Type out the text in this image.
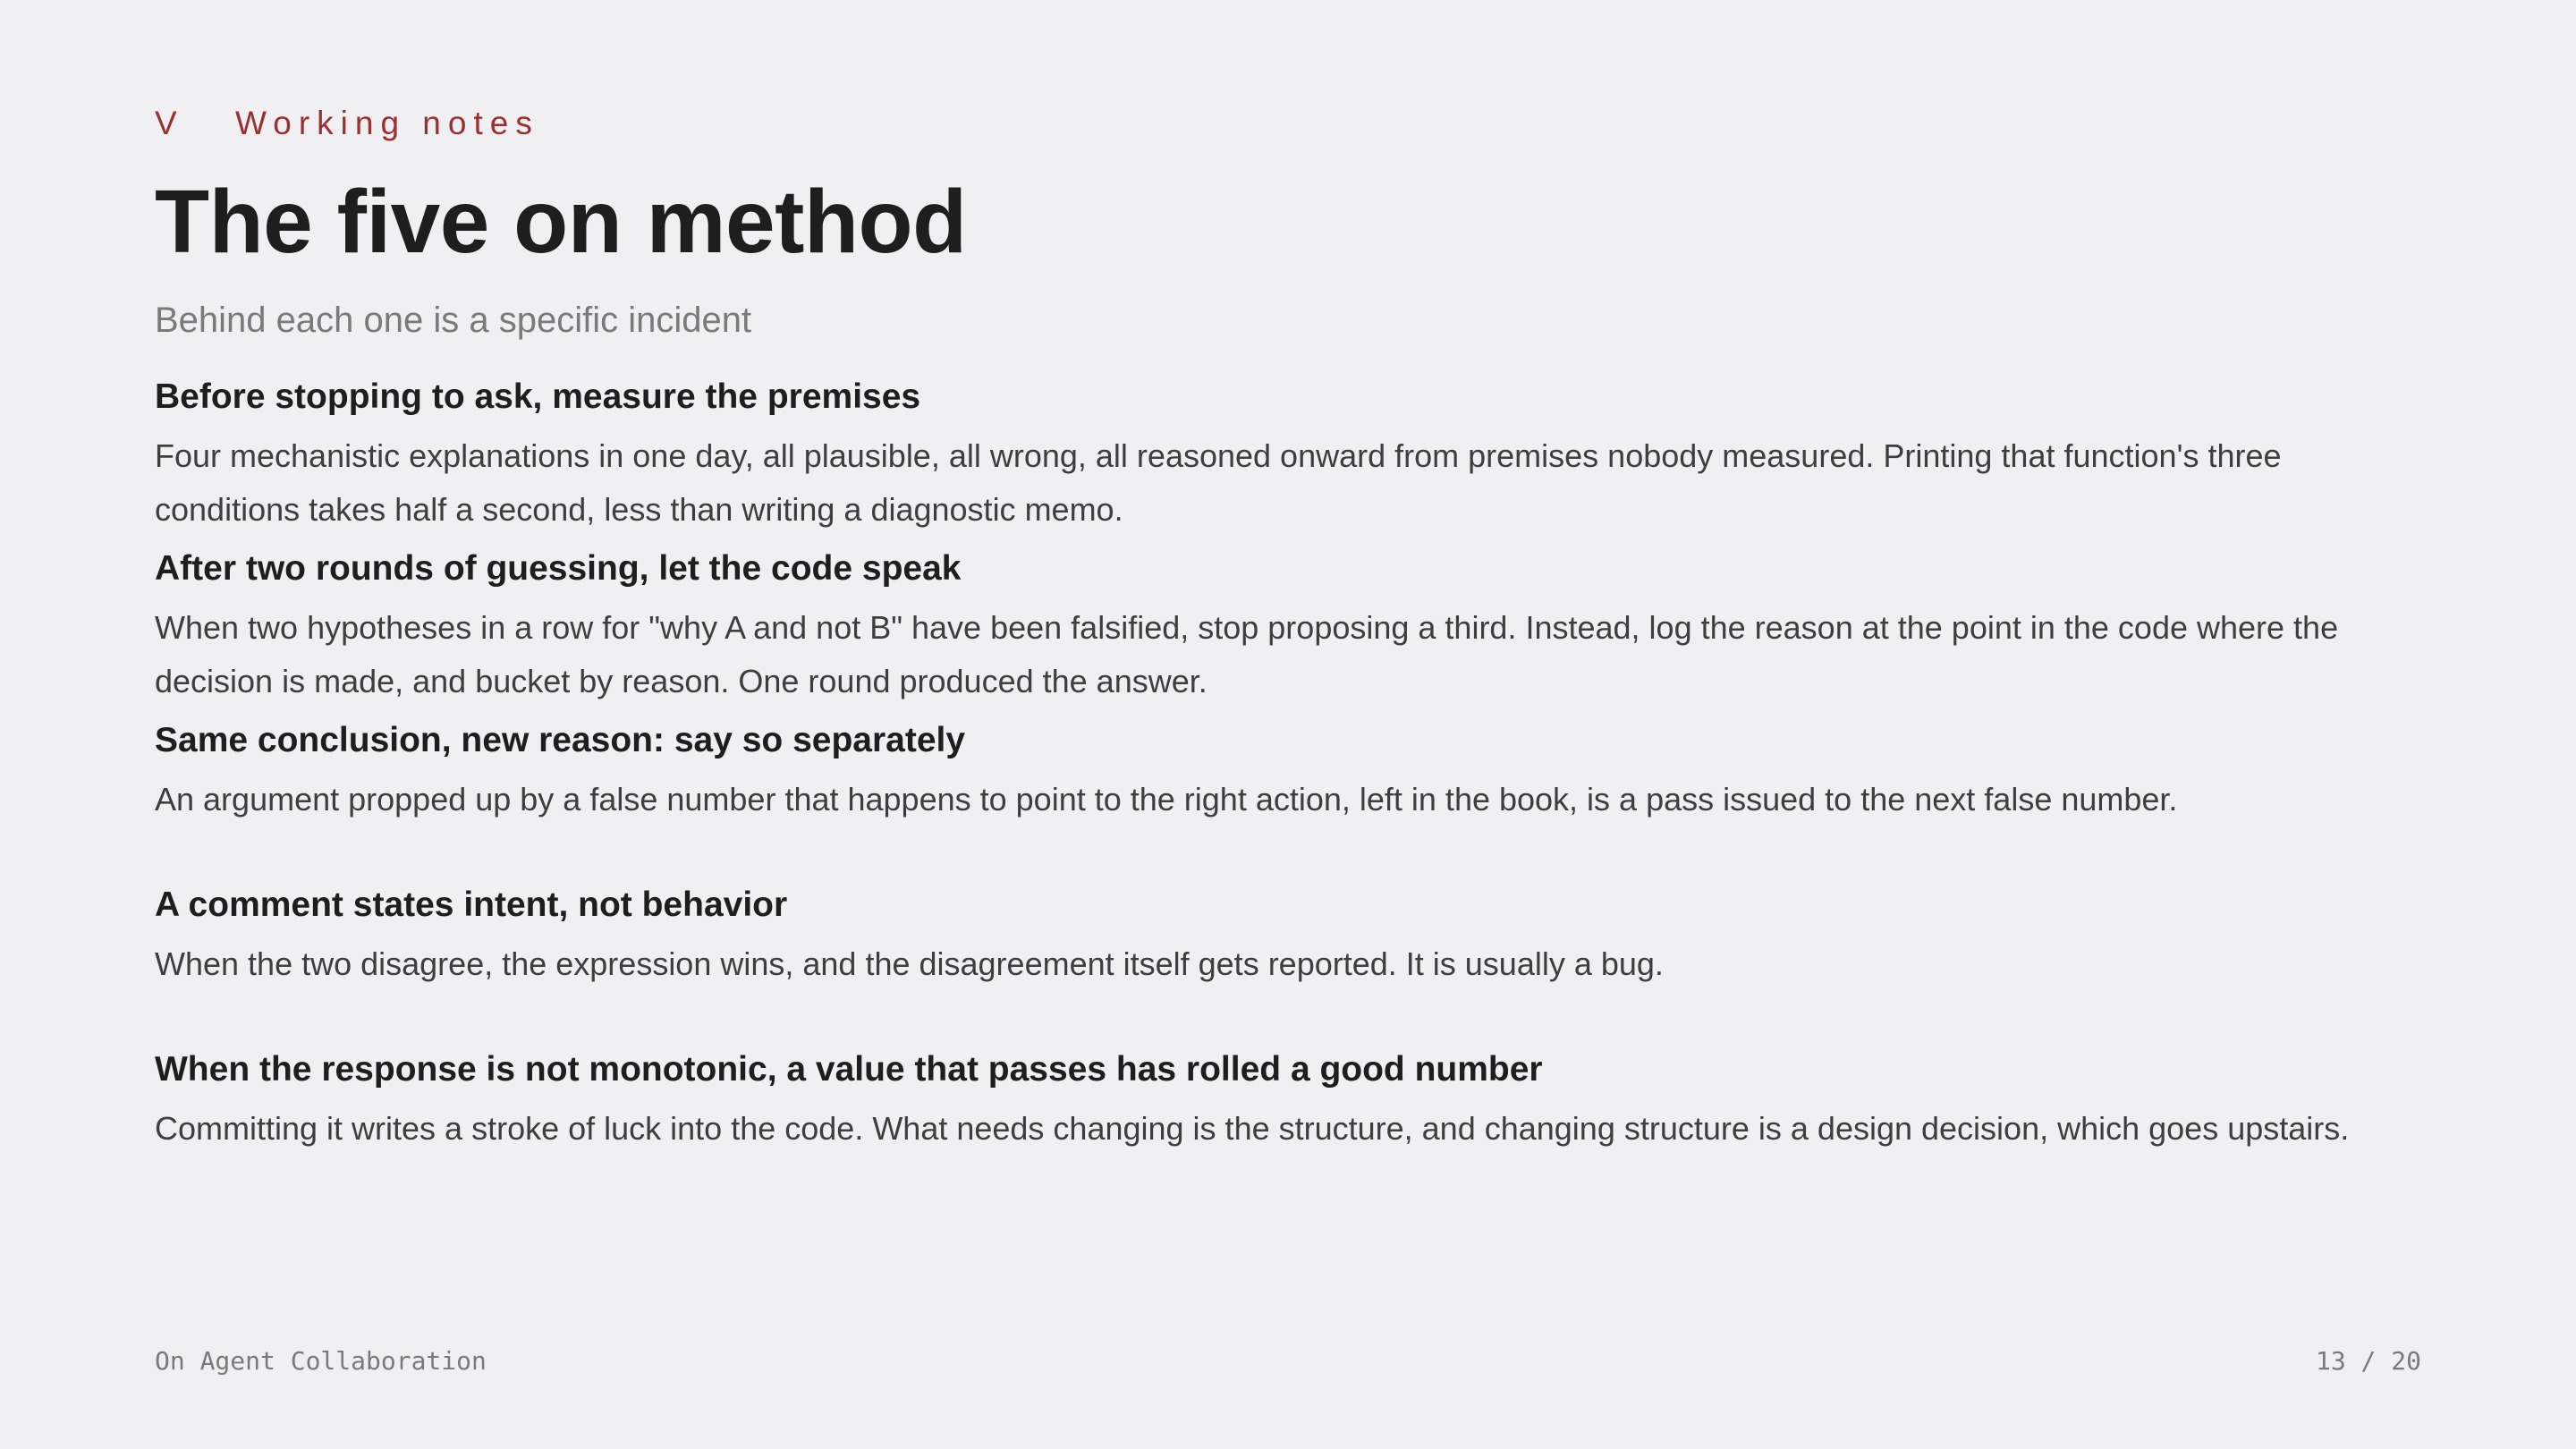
V	Working notes
The five on method
Behind each one is a specific incident
Before stopping to ask, measure the premises

Four mechanistic explanations in one day, all plausible, all wrong, all reasoned onward from premises nobody measured. Printing that function's three conditions takes half a second, less than writing a diagnostic memo.

After two rounds of guessing, let the code speak

When two hypotheses in a row for "why A and not B" have been falsified, stop proposing a third. Instead, log the reason at the point in the code where the decision is made, and bucket by reason. One round produced the answer.

Same conclusion, new reason: say so separately

An argument propped up by a false number that happens to point to the right action, left in the book, is a pass issued to the next false number.

A comment states intent, not behavior

When the two disagree, the expression wins, and the disagreement itself gets reported. It is usually a bug.

When the response is not monotonic, a value that passes has rolled a good number

Committing it writes a stroke of luck into the code. What needs changing is the structure, and changing structure is a design decision, which goes upstairs.

On Agent Collaboration	13 / 20
